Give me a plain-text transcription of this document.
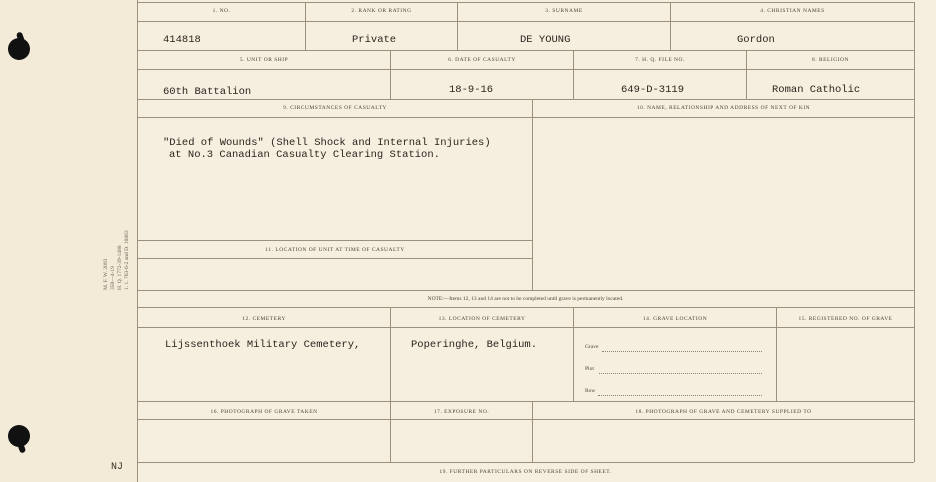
M. F. W. 2093 350—4-19 H. Q. 1772-39-1488 1. 1. 763-6-2 and D. 10863
NJ
1. NO.	2. RANK OR RATING	3. SURNAME	4. CHRISTIAN NAMES
414818	Private	DE YOUNG	Gordon
5. UNIT OR SHIP	6. DATE OF CASUALTY	7. H. Q. FILE NO.	8. RELIGION
60th Battalion	18-9-16	649-D-3119	Roman Catholic
9. CIRCUMSTANCES OF CASUALTY	10. NAME, RELATIONSHIP AND ADDRESS OF NEXT OF KIN
"Died of Wounds" (Shell Shock and Internal Injuries)
at No.3 Canadian Casualty Clearing Station.
11. LOCATION OF UNIT AT TIME OF CASUALTY
NOTE:—Items 12, 13 and 14 are not to be completed until grave is permanently located.
12. CEMETERY	13. LOCATION OF CEMETERY	14. GRAVE LOCATION	15. REGISTERED NO. OF GRAVE
Lijssenthoek Military Cemetery,	Poperinghe, Belgium.	Grave
Plot
Row
16. PHOTOGRAPH OF GRAVE TAKEN	17. EXPOSURE NO.	18. PHOTOGRAPH OF GRAVE AND CEMETERY SUPPLIED TO
19. FURTHER PARTICULARS ON REVERSE SIDE OF SHEET.
